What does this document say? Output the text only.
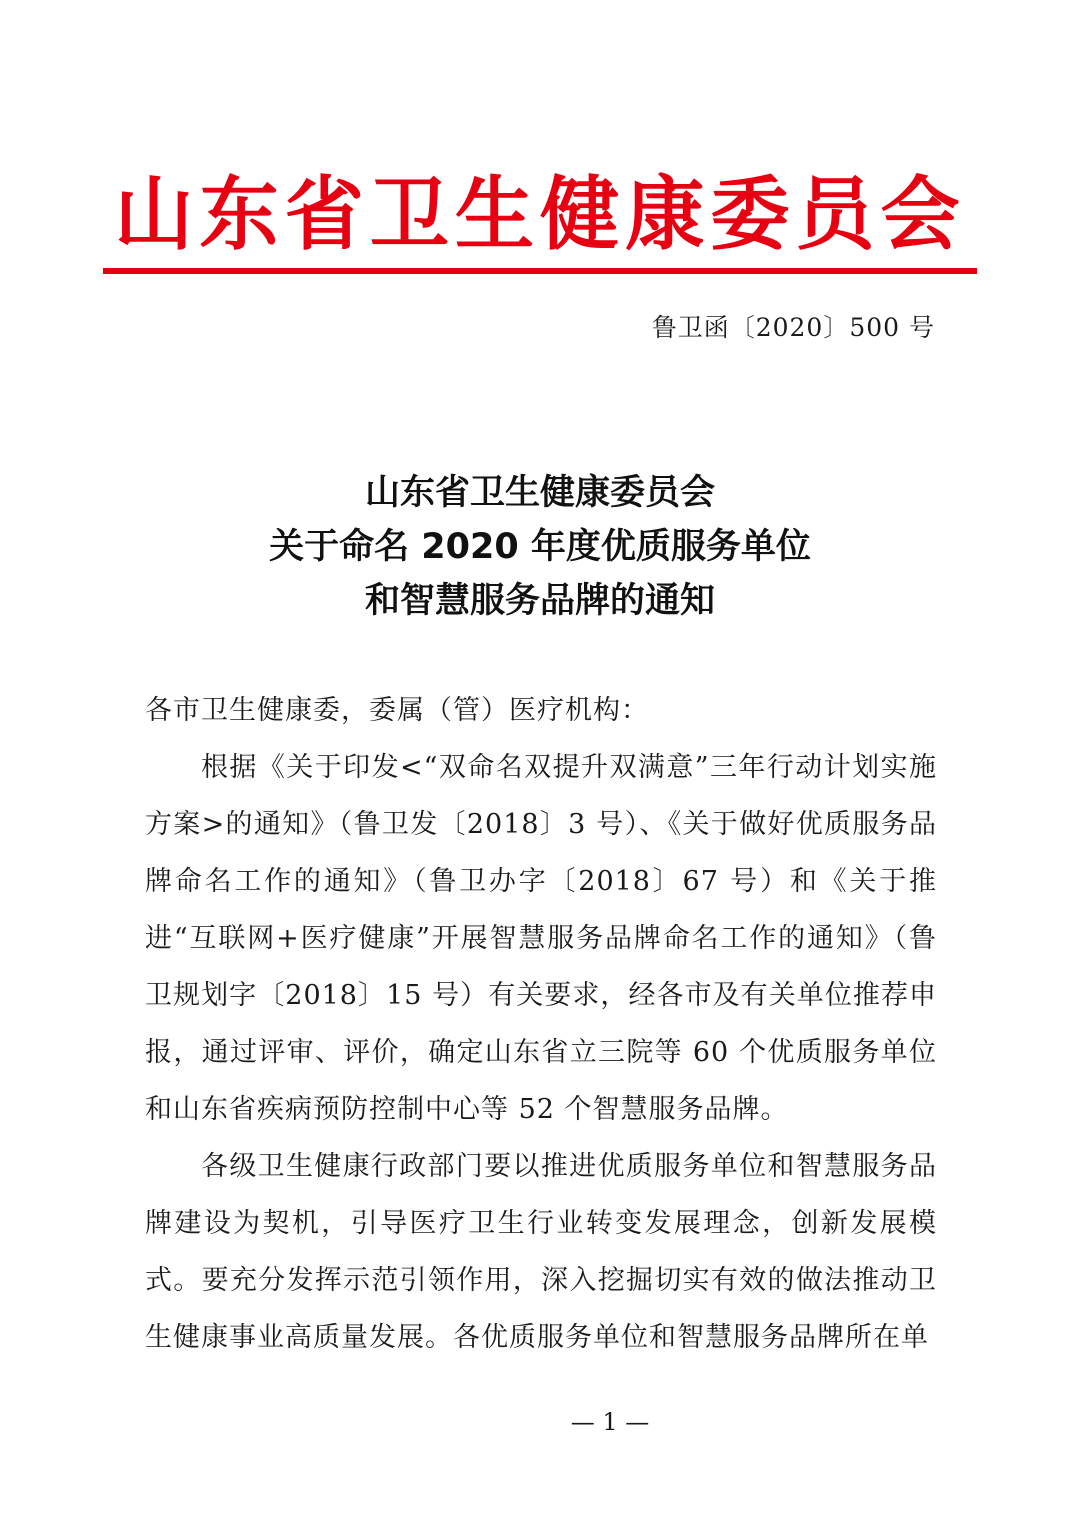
山东省卫生健康委员会
鲁卫函〔2020〕500 号
山东省卫生健康委员会
关于命名 2020 年度优质服务单位
和智慧服务品牌的通知

各市卫生健康委，委属（管）医疗机构：

根据《关于印发<“双命名双提升双满意”三年行动计划实施方案>的通知》（鲁卫发〔2018〕3 号）、《关于做好优质服务品牌命名工作的通知》（鲁卫办字〔2018〕67 号）和《关于推进“互联网+医疗健康”开展智慧服务品牌命名工作的通知》（鲁卫规划字〔2018〕15 号）有关要求，经各市及有关单位推荐申报，通过评审、评价，确定山东省立三院等 60 个优质服务单位和山东省疾病预防控制中心等 52 个智慧服务品牌。

各级卫生健康行政部门要以推进优质服务单位和智慧服务品牌建设为契机，引导医疗卫生行业转变发展理念，创新发展模式。要充分发挥示范引领作用，深入挖掘切实有效的做法推动卫生健康事业高质量发展。各优质服务单位和智慧服务品牌所在单

— 1 —
